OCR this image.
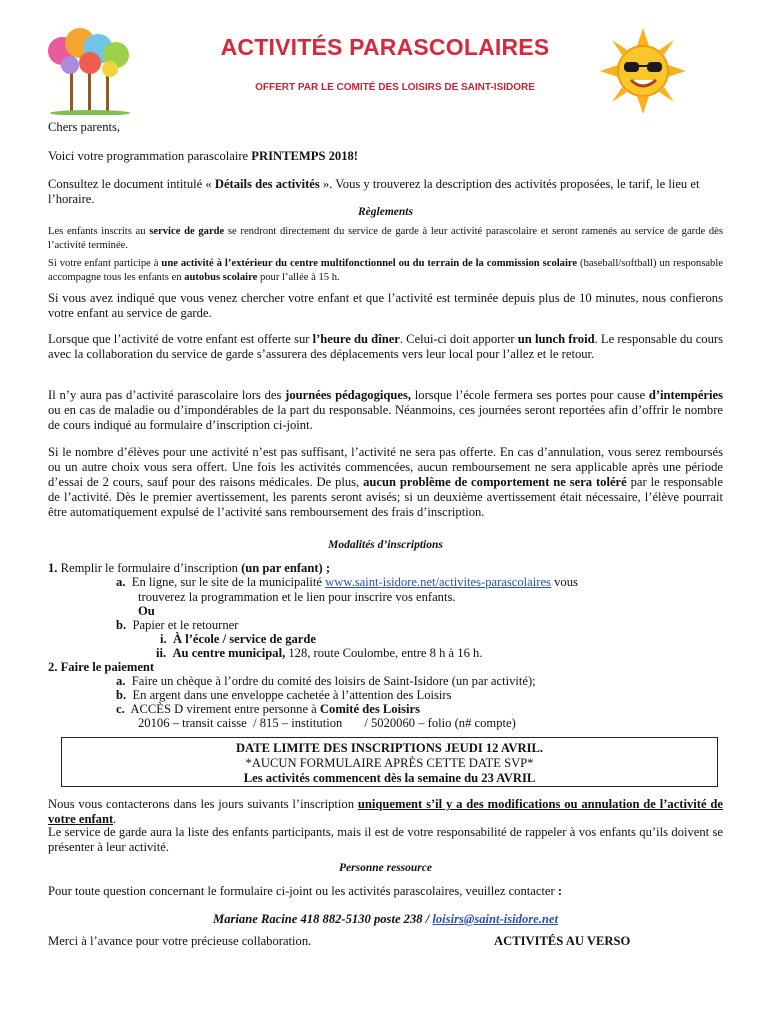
ACTIVITÉS PARASCOLAIRES
OFFERT PAR LE COMITÉ DES LOISIRS DE SAINT-ISIDORE
Chers parents,
Voici votre programmation parascolaire PRINTEMPS 2018!
Consultez le document intitulé « Détails des activités ». Vous y trouverez la description des activités proposées, le tarif, le lieu et l’horaire.
Règlements
Les enfants inscrits au service de garde se rendront directement du service de garde à leur activité parascolaire et seront ramenés au service de garde dès l’activité terminée.
Si votre enfant participe à une activité à l’extérieur du centre multifonctionnel ou du terrain de la commission scolaire (baseball/softball) un responsable accompagne tous les enfants en autobus scolaire pour l’allée à 15 h.
Si vous avez indiqué que vous venez chercher votre enfant et que l’activité est terminée depuis plus de 10 minutes, nous confierons votre enfant au service de garde.
Lorsque que l’activité de votre enfant est offerte sur l’heure du dîner. Celui-ci doit apporter un lunch froid. Le responsable du cours avec la collaboration du service de garde s’assurera des déplacements vers leur local pour l’allez et le retour.
Il n’y aura pas d’activité parascolaire lors des journées pédagogiques, lorsque l’école fermera ses portes pour cause d’intempéries ou en cas de maladie ou d’impondérables de la part du responsable. Néanmoins, ces journées seront reportées afin d’offrir le nombre de cours indiqué au formulaire d’inscription ci-joint.
Si le nombre d’élèves pour une activité n’est pas suffisant, l’activité ne sera pas offerte. En cas d’annulation, vous serez remboursés ou un autre choix vous sera offert. Une fois les activités commencées, aucun remboursement ne sera applicable après une période d’essai de 2 cours, sauf pour des raisons médicales. De plus, aucun problème de comportement ne sera toléré par le responsable de l’activité. Dès le premier avertissement, les parents seront avisés; si un deuxième avertissement était nécessaire, l’élève pourrait être automatiquement expulsé de l’activité sans remboursement des frais d’inscription.
Modalités d’inscriptions
1. Remplir le formulaire d’inscription (un par enfant) ;
a. En ligne, sur le site de la municipalité www.saint-isidore.net/activites-parascolaires vous
trouverez la programmation et le lien pour inscrire vos enfants.
Ou
b. Papier et le retourner
i. À l’école / service de garde
ii. Au centre municipal, 128, route Coulombe, entre 8 h à 16 h.
2. Faire le paiement
a. Faire un chèque à l’ordre du comité des loisirs de Saint-Isidore (un par activité);
b. En argent dans une enveloppe cachetée à l’attention des Loisirs
c. ACCÈS D virement entre personne à Comité des Loisirs
20106 – transit caisse  / 815 – institution       / 5020060 – folio (n# compte)
DATE LIMITE DES INSCRIPTIONS JEUDI 12 AVRIL.
*AUCUN FORMULAIRE APRÈS CETTE DATE SVP*
Les activités commencent dès la semaine du 23 AVRIL
Nous vous contacterons dans les jours suivants l’inscription uniquement s’il y a des modifications ou annulation de l’activité de votre enfant.
Le service de garde aura la liste des enfants participants, mais il est de votre responsabilité de rappeler à vos enfants qu’ils doivent se présenter à leur activité.
Personne ressource
Pour toute question concernant le formulaire ci-joint ou les activités parascolaires, veuillez contacter :
Mariane Racine 418 882-5130 poste 238 / loisirs@saint-isidore.net
Merci à l’avance pour votre précieuse collaboration.	ACTIVITÉS AU VERSO
